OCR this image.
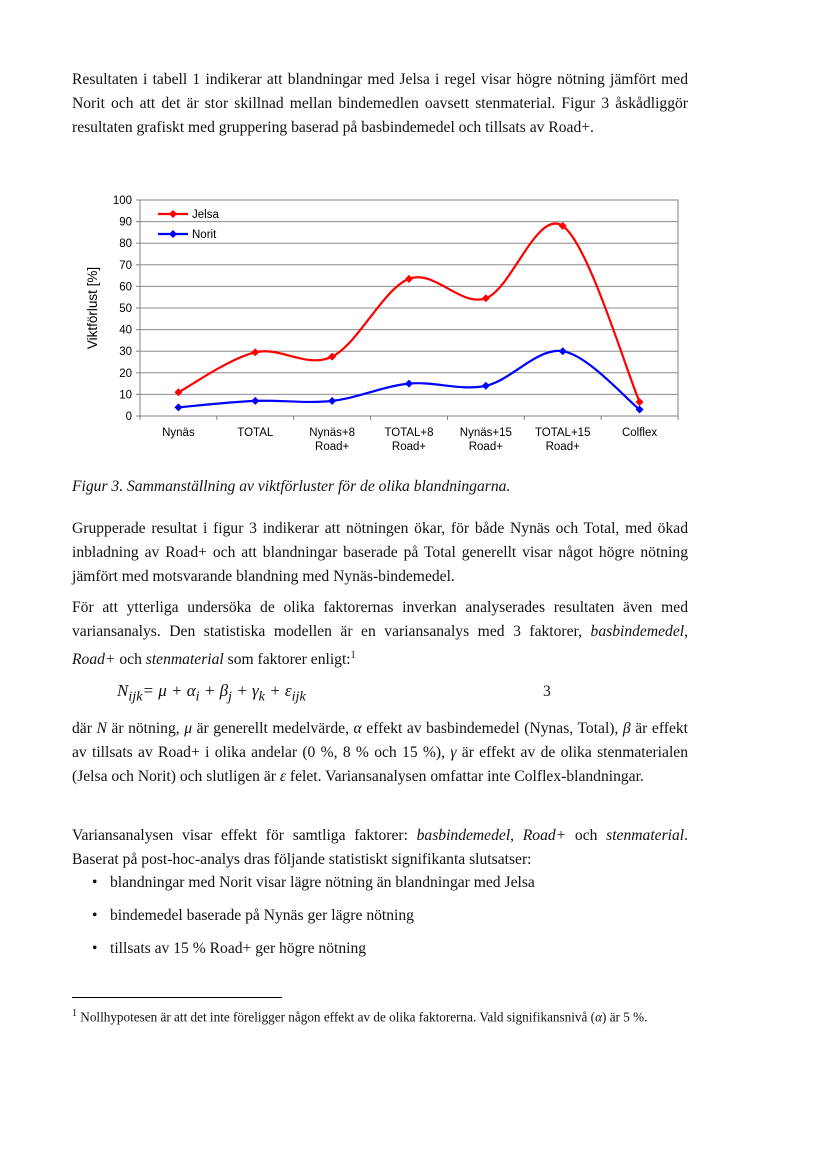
Resultaten i tabell 1 indikerar att blandningar med Jelsa i regel visar högre nötning jämfört med Norit och att det är stor skillnad mellan bindemedlen oavsett stenmaterial. Figur 3 åskådliggör resultaten grafiskt med gruppering baserad på basbindemedel och tillsats av Road+.

0
10
20
30
40
50
60
70
80
90
100
Nynäs	TOTAL	Nynäs+8
Road+
TOTAL+8
Road+
Nynäs+15
Road+
TOTAL+15
Road+
Colflex
Viktförlust [%]
Jelsa
Norit

Figur 3. Sammanställning av viktförluster för de olika blandningarna.

Grupperade resultat i figur 3 indikerar att nötningen ökar, för både Nynäs och Total, med ökad inbladning av Road+ och att blandningar baserade på Total generellt visar något högre nötning jämfört med motsvarande blandning med Nynäs-bindemedel.

För att ytterliga undersöka de olika faktorernas inverkan analyserades resultaten även med variansanalys. Den statistiska modellen är en variansanalys med 3 faktorer, basbindemedel, Road+ och stenmaterial som faktorer enligt:$^1$

$N_{ijk}= \mu + \alpha_i + \beta_j + \gamma_k + \varepsilon_{ijk}$	3

där N är nötning, μ är generellt medelvärde, α effekt av basbindemedel (Nynas, Total), β är effekt av tillsats av Road+ i olika andelar (0 %, 8 % och 15 %), γ är effekt av de olika stenmaterialen (Jelsa och Norit) och slutligen är ε felet. Variansanalysen omfattar inte Colflex-blandningar.

Variansanalysen visar effekt för samtliga faktorer: basbindemedel, Road+ och stenmaterial. Baserat på post-hoc-analys dras följande statistiskt signifikanta slutsatser:

• blandningar med Norit visar lägre nötning än blandningar med Jelsa
• bindemedel baserade på Nynäs ger lägre nötning
• tillsats av 15 % Road+ ger högre nötning

$^1$ Nollhypotesen är att det inte föreligger någon effekt av de olika faktorerna. Vald signifikansnivå (α) är 5 %.
